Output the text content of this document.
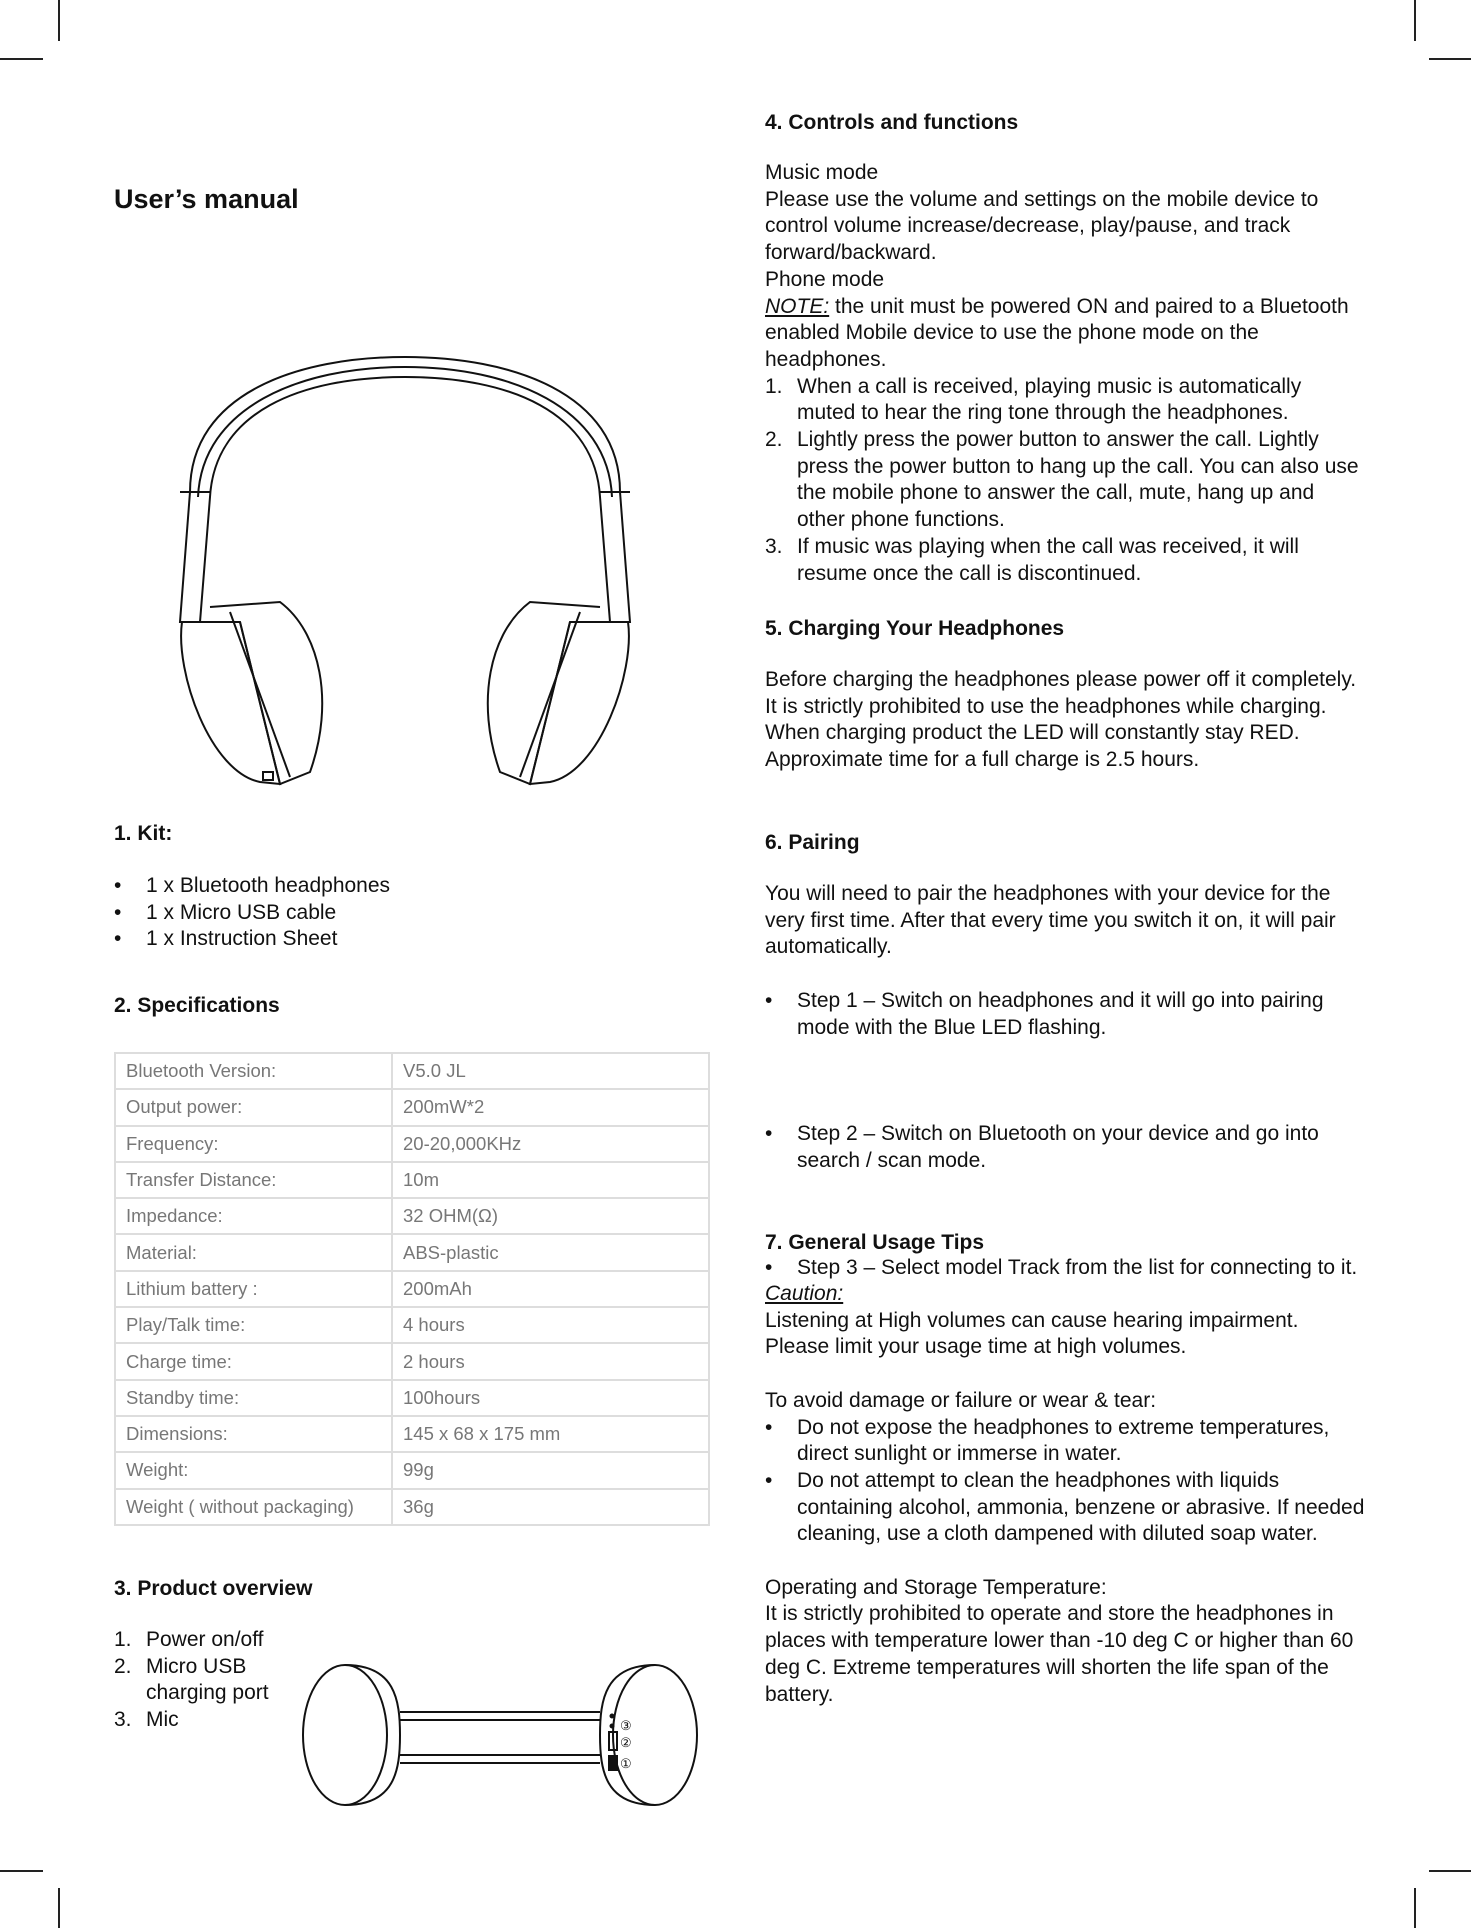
User’s manual
1. Kit:
• 1 x Bluetooth headphones
• 1 x Micro USB cable
• 1 x Instruction Sheet
2. Specifications
Bluetooth Version:	V5.0 JL
Output power:	200mW*2
Frequency:	20-20,000KHz
Transfer Distance:	10m
Impedance:	32 OHM(Ω)
Material:	ABS-plastic
Lithium battery :	200mAh
Play/Talk time:	4 hours
Charge time:	2 hours
Standby time:	100hours
Dimensions:	145 x 68 x 175 mm
Weight:	99g
Weight ( without packaging)	36g
3. Product overview
1. Power on/off
2. Micro USB charging port
3. Mic	③
②
①
4. Controls and functions
Music mode
Please use the volume and settings on the mobile device to control volume increase/decrease, play/pause, and track forward/backward.
Phone mode
NOTE: the unit must be powered ON and paired to a Bluetooth enabled Mobile device to use the phone mode on the headphones.
1. When a call is received, playing music is automatically muted to hear the ring tone through the headphones.
2. Lightly press the power button to answer the call. Lightly press the power button to hang up the call. You can also use the mobile phone to answer the call, mute, hang up and other phone functions.
3. If music was playing when the call was received, it will resume once the call is discontinued.
5. Charging Your Headphones
Before charging the headphones please power off it completely. It is strictly prohibited to use the headphones while charging. When charging product the LED will constantly stay RED. Approximate time for a full charge is 2.5 hours.
6. Pairing
You will need to pair the headphones with your device for the very first time. After that every time you switch it on, it will pair automatically.
• Step 1 – Switch on headphones and it will go into pairing mode with the Blue LED flashing.
• Step 2 – Switch on Bluetooth on your device and go into search / scan mode.
• Step 3 – Select model Track from the list for connecting to it.
7. General Usage Tips
Caution:
Listening at High volumes can cause hearing impairment. Please limit your usage time at high volumes.
To avoid damage or failure or wear & tear:
• Do not expose the headphones to extreme temperatures, direct sunlight or immerse in water.
• Do not attempt to clean the headphones with liquids containing alcohol, ammonia, benzene or abrasive. If needed cleaning, use a cloth dampened with diluted soap water.
Operating and Storage Temperature:
It is strictly prohibited to operate and store the headphones in places with temperature lower than -10 deg C or higher than 60 deg C. Extreme temperatures will shorten the life span of the battery.
